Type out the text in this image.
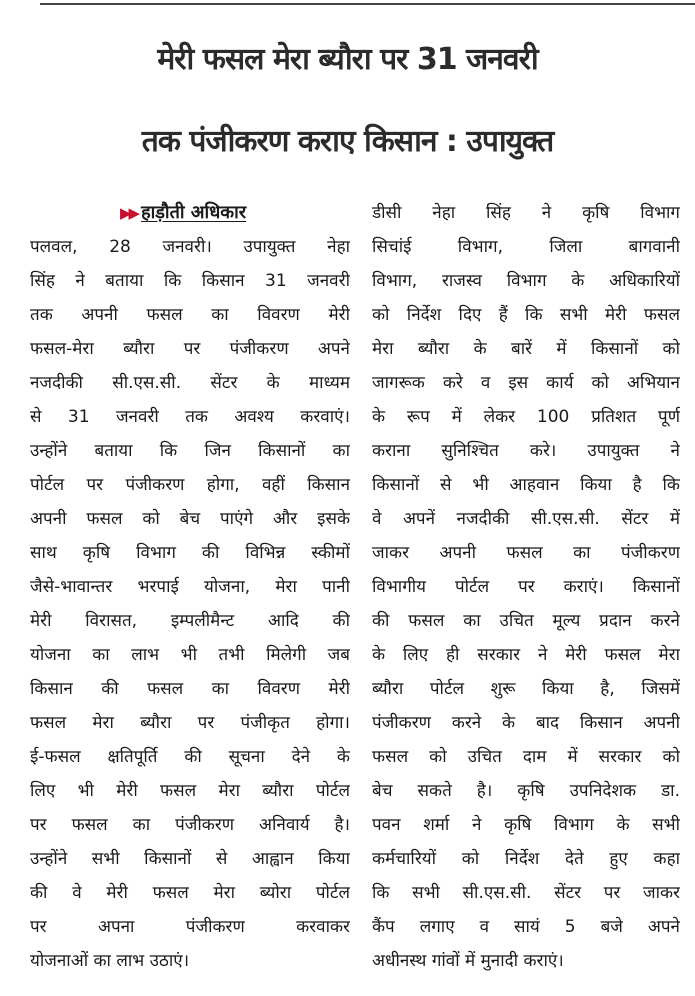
मेरी फसल मेरा ब्यौरा पर 31 जनवरी
तक पंजीकरण कराए किसान : उपायुक्त
▶▶ हाड़ौती अधिकार
पलवल, 28 जनवरी। उपायुक्त नेहा
सिंह ने बताया कि किसान 31 जनवरी
तक अपनी फसल का विवरण मेरी
फसल-मेरा ब्यौरा पर पंजीकरण अपने
नजदीकी सी.एस.सी. सेंटर के माध्यम
से 31 जनवरी तक अवश्य करवाएं।
उन्होंने बताया कि जिन किसानों का
पोर्टल पर पंजीकरण होगा, वहीं किसान
अपनी फसल को बेच पाएंगे और इसके
साथ कृषि विभाग की विभिन्न स्कीमों
जैसे-भावान्तर भरपाई योजना, मेरा पानी
मेरी विरासत, इम्पलीमैन्ट आदि की
योजना का लाभ भी तभी मिलेगी जब
किसान की फसल का विवरण मेरी
फसल मेरा ब्यौरा पर पंजीकृत होगा।
ई-फसल क्षतिपूर्ति की सूचना देने के
लिए भी मेरी फसल मेरा ब्यौरा पोर्टल
पर फसल का पंजीकरण अनिवार्य है।
उन्होंने सभी किसानों से आह्वान किया
की वे मेरी फसल मेरा ब्योरा पोर्टल
पर अपना पंजीकरण करवाकर
योजनाओं का लाभ उठाएं।
डीसी नेहा सिंह ने कृषि विभाग
सिचांई विभाग, जिला बागवानी
विभाग, राजस्व विभाग के अधिकारियों
को निर्देश दिए हैं कि सभी मेरी फसल
मेरा ब्यौरा के बारें में किसानों को
जागरूक करे व इस कार्य को अभियान
के रूप में लेकर 100 प्रतिशत पूर्ण
कराना सुनिश्चित करे। उपायुक्त ने
किसानों से भी आहवान किया है कि
वे अपनें नजदीकी सी.एस.सी. सेंटर में
जाकर अपनी फसल का पंजीकरण
विभागीय पोर्टल पर कराएं। किसानों
की फसल का उचित मूल्य प्रदान करने
के लिए ही सरकार ने मेरी फसल मेरा
ब्यौरा पोर्टल शुरू किया है, जिसमें
पंजीकरण करने के बाद किसान अपनी
फसल को उचित दाम में सरकार को
बेच सकते है। कृषि उपनिदेशक डा.
पवन शर्मा ने कृषि विभाग के सभी
कर्मचारियों को निर्देश देते हुए कहा
कि सभी सी.एस.सी. सेंटर पर जाकर
कैंप लगाए व सायं 5 बजे अपने
अधीनस्थ गांवों में मुनादी कराएं।
